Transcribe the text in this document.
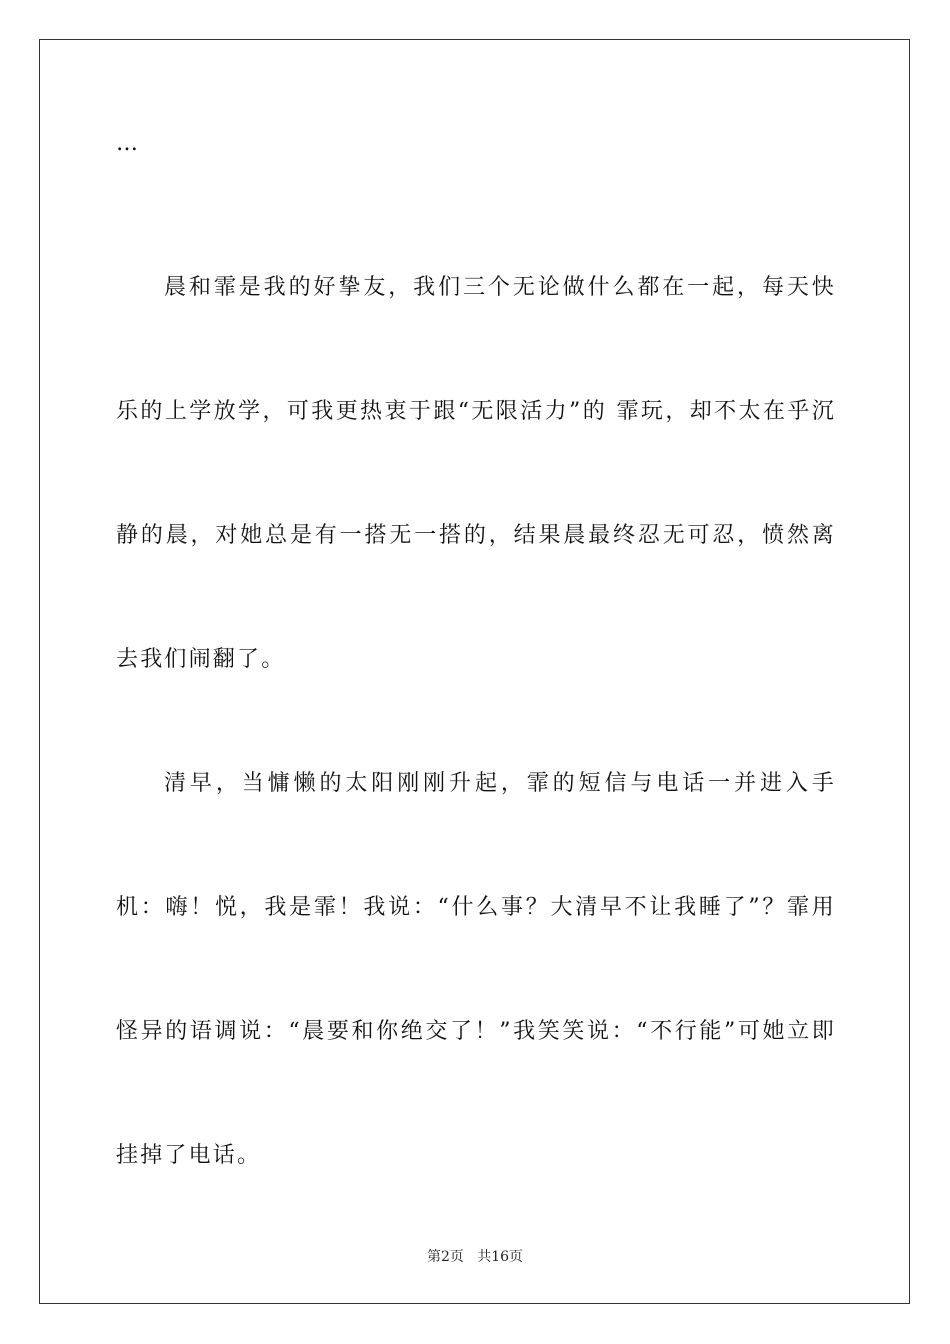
…

晨和霏是我的好挚友，我们三个无论做什么都在一起，每天快乐的上学放学，可我更热衷于跟“无限活力”的 霏玩，却不太在乎沉静的晨，对她总是有一搭无一搭的，结果晨最终忍无可忍，愤然离去我们闹翻了。

清早，当慵懒的太阳刚刚升起，霏的短信与电话一并进入手机：嗨！悦，我是霏！我说：“什么事？大清早不让我睡了”？霏用怪异的语调说：“晨要和你绝交了！”我笑笑说：“不行能”可她立即挂掉了电话。

第2页   共16页
